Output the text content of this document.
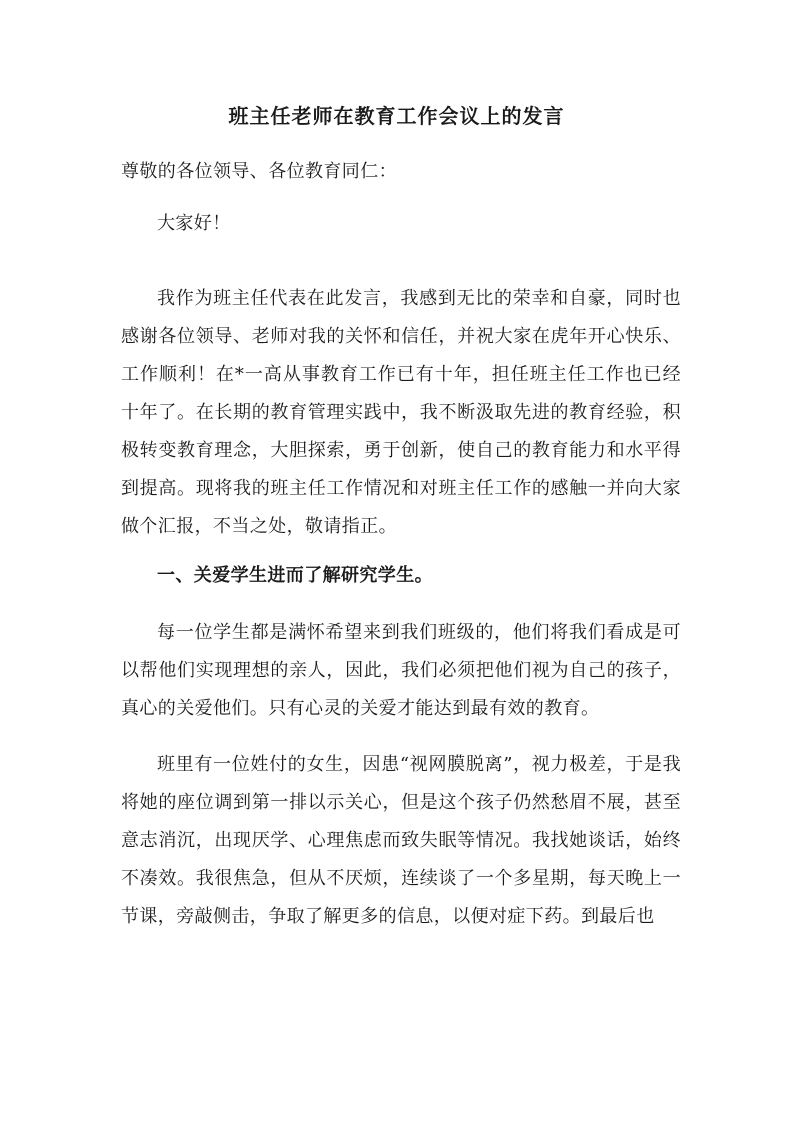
班主任老师在教育工作会议上的发言

尊敬的各位领导、各位教育同仁：

大家好！

我作为班主任代表在此发言，我感到无比的荣幸和自豪，同时也感谢各位领导、老师对我的关怀和信任，并祝大家在虎年开心快乐、工作顺利！在*一高从事教育工作已有十年，担任班主任工作也已经十年了。在长期的教育管理实践中，我不断汲取先进的教育经验，积极转变教育理念，大胆探索，勇于创新，使自己的教育能力和水平得到提高。现将我的班主任工作情况和对班主任工作的感触一并向大家做个汇报，不当之处，敬请指正。

一、关爱学生进而了解研究学生。

每一位学生都是满怀希望来到我们班级的，他们将我们看成是可以帮他们实现理想的亲人，因此，我们必须把他们视为自己的孩子，真心的关爱他们。只有心灵的关爱才能达到最有效的教育。

班里有一位姓付的女生，因患“视网膜脱离”，视力极差，于是我将她的座位调到第一排以示关心，但是这个孩子仍然愁眉不展，甚至意志消沉，出现厌学、心理焦虑而致失眠等情况。我找她谈话，始终不凑效。我很焦急，但从不厌烦，连续谈了一个多星期，每天晚上一节课，旁敲侧击，争取了解更多的信息，以便对症下药。到最后也
